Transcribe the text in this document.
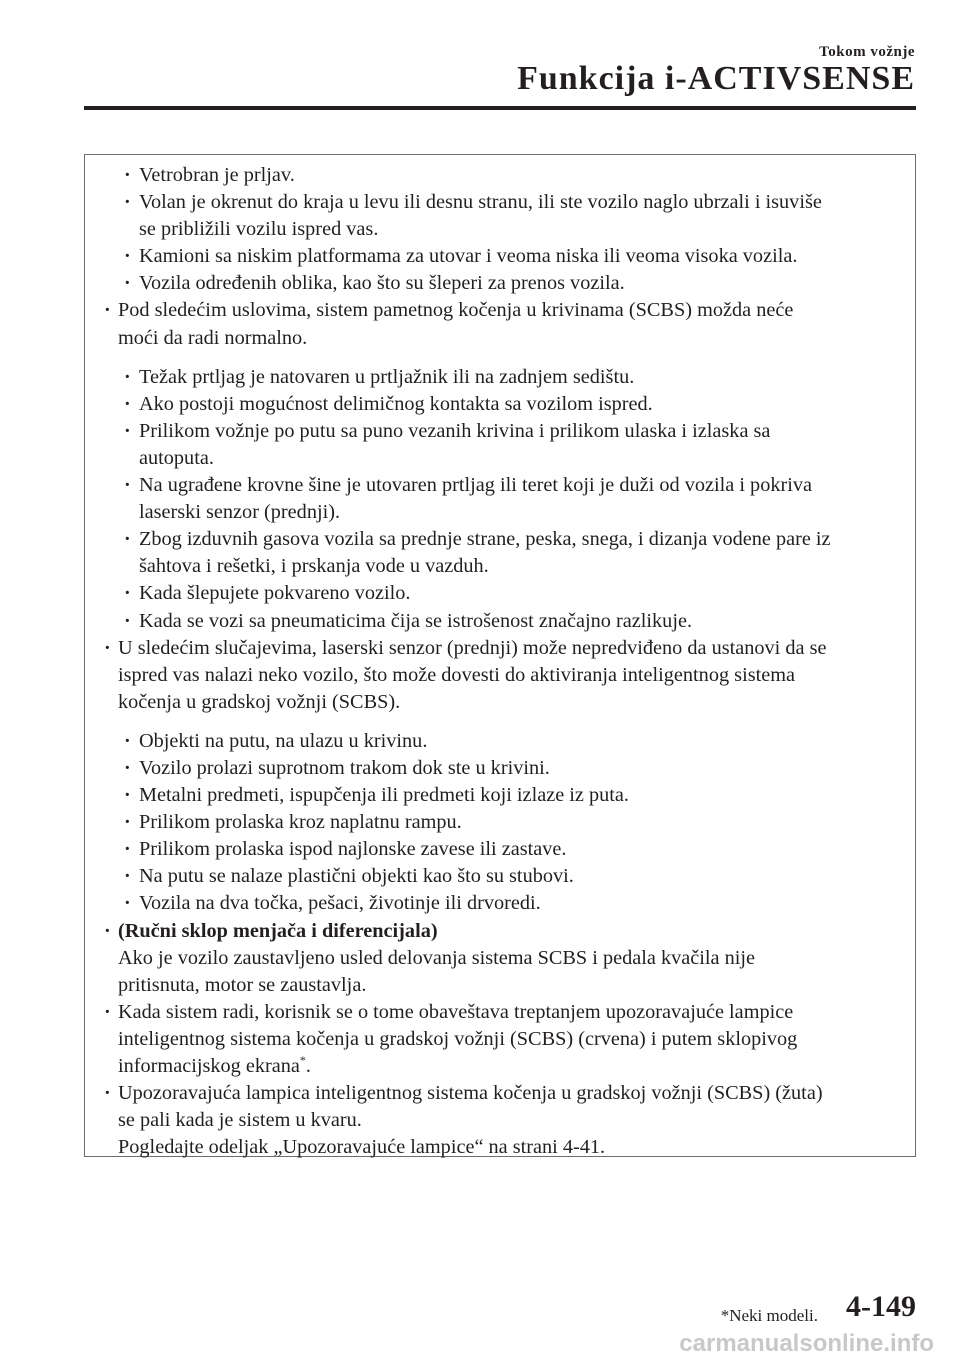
Tokom vožnje
Funkcija i-ACTIVSENSE
· Vetrobran je prljav.
· Volan je okrenut do kraja u levu ili desnu stranu, ili ste vozilo naglo ubrzali i isuviše
se približili vozilu ispred vas.
· Kamioni sa niskim platformama za utovar i veoma niska ili veoma visoka vozila.
· Vozila određenih oblika, kao što su šleperi za prenos vozila.
· Pod sledećim uslovima, sistem pametnog kočenja u krivinama (SCBS) možda neće
moći da radi normalno.
· Težak prtljag je natovaren u prtljažnik ili na zadnjem sedištu.
· Ako postoji mogućnost delimičnog kontakta sa vozilom ispred.
· Prilikom vožnje po putu sa puno vezanih krivina i prilikom ulaska i izlaska sa
autoputa.
· Na ugrađene krovne šine je utovaren prtljag ili teret koji je duži od vozila i pokriva
laserski senzor (prednji).
· Zbog izduvnih gasova vozila sa prednje strane, peska, snega, i dizanja vodene pare iz
šahtova i rešetki, i prskanja vode u vazduh.
· Kada šlepujete pokvareno vozilo.
· Kada se vozi sa pneumaticima čija se istrošenost značajno razlikuje.
· U sledećim slučajevima, laserski senzor (prednji) može nepredviđeno da ustanovi da se
ispred vas nalazi neko vozilo, što može dovesti do aktiviranja inteligentnog sistema
kočenja u gradskoj vožnji (SCBS).
· Objekti na putu, na ulazu u krivinu.
· Vozilo prolazi suprotnom trakom dok ste u krivini.
· Metalni predmeti, ispupčenja ili predmeti koji izlaze iz puta.
· Prilikom prolaska kroz naplatnu rampu.
· Prilikom prolaska ispod najlonske zavese ili zastave.
· Na putu se nalaze plastični objekti kao što su stubovi.
· Vozila na dva točka, pešaci, životinje ili drvoredi.
· (Ručni sklop menjača i diferencijala)
Ako je vozilo zaustavljeno usled delovanja sistema SCBS i pedala kvačila nije
pritisnuta, motor se zaustavlja.
· Kada sistem radi, korisnik se o tome obaveštava treptanjem upozoravajuće lampice
inteligentnog sistema kočenja u gradskoj vožnji (SCBS) (crvena) i putem sklopivog
informacijskog ekrana*.
· Upozoravajuća lampica inteligentnog sistema kočenja u gradskoj vožnji (SCBS) (žuta)
se pali kada je sistem u kvaru.
Pogledajte odeljak „Upozoravajuće lampice“ na strani 4-41.
*Neki modeli. 4-149
carmanualsonline.info
